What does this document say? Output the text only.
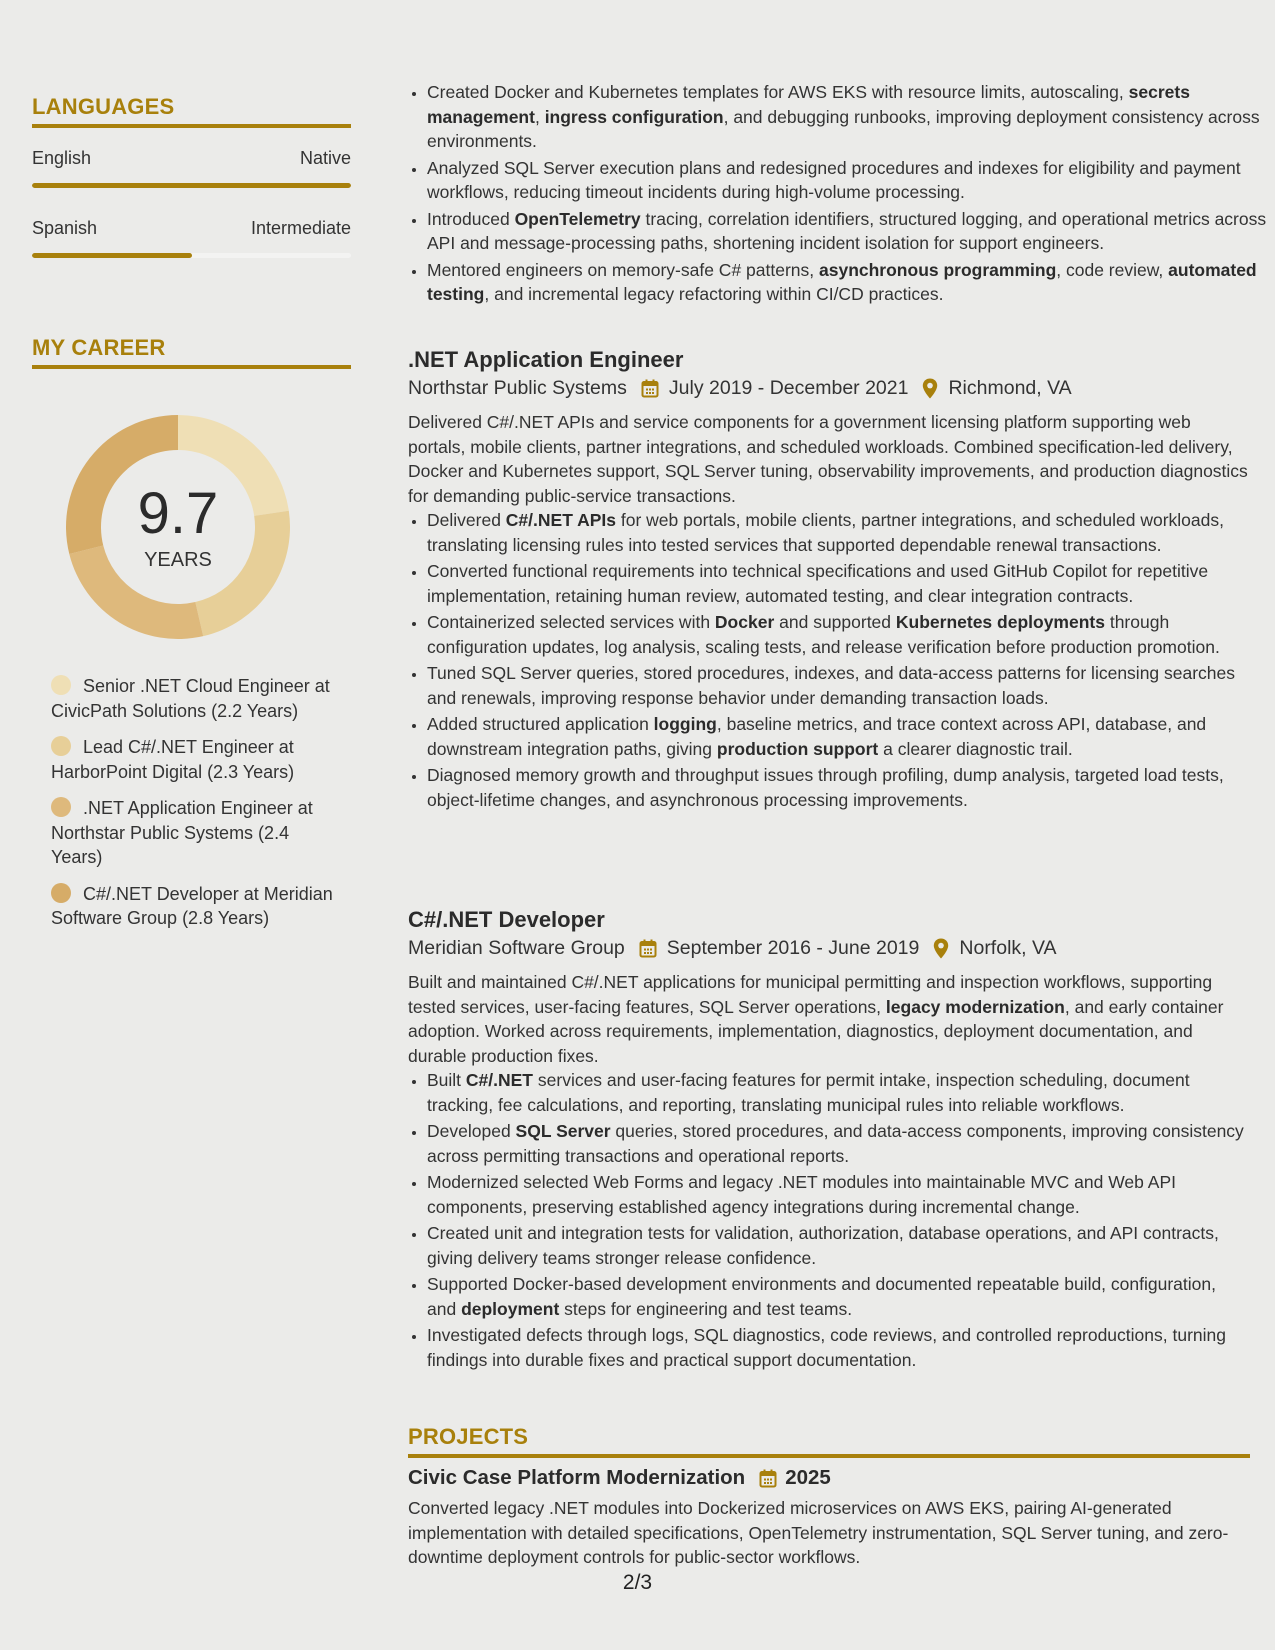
LANGUAGES
English	Native
Spanish	Intermediate
MY CAREER
9.7
YEARS
Senior .NET Cloud Engineer at CivicPath Solutions (2.2 Years)
Lead C#/.NET Engineer at HarborPoint Digital (2.3 Years)
.NET Application Engineer at Northstar Public Systems (2.4 Years)
C#/.NET Developer at Meridian Software Group (2.8 Years)
• Created Docker and Kubernetes templates for AWS EKS with resource limits, autoscaling, secrets management, ingress configuration, and debugging runbooks, improving deployment consistency across environments.
• Analyzed SQL Server execution plans and redesigned procedures and indexes for eligibility and payment workflows, reducing timeout incidents during high-volume processing.
• Introduced OpenTelemetry tracing, correlation identifiers, structured logging, and operational metrics across API and message-processing paths, shortening incident isolation for support engineers.
• Mentored engineers on memory-safe C# patterns, asynchronous programming, code review, automated testing, and incremental legacy refactoring within CI/CD practices.
.NET Application Engineer
Northstar Public Systems July 2019 - December 2021 Richmond, VA

Delivered C#/.NET APIs and service components for a government licensing platform supporting web portals, mobile clients, partner integrations, and scheduled workloads. Combined specification-led delivery, Docker and Kubernetes support, SQL Server tuning, observability improvements, and production diagnostics for demanding public-service transactions.

• Delivered C#/.NET APIs for web portals, mobile clients, partner integrations, and scheduled workloads, translating licensing rules into tested services that supported dependable renewal transactions.
• Converted functional requirements into technical specifications and used GitHub Copilot for repetitive implementation, retaining human review, automated testing, and clear integration contracts.
• Containerized selected services with Docker and supported Kubernetes deployments through configuration updates, log analysis, scaling tests, and release verification before production promotion.
• Tuned SQL Server queries, stored procedures, indexes, and data-access patterns for licensing searches and renewals, improving response behavior under demanding transaction loads.
• Added structured application logging, baseline metrics, and trace context across API, database, and downstream integration paths, giving production support a clearer diagnostic trail.
• Diagnosed memory growth and throughput issues through profiling, dump analysis, targeted load tests, object-lifetime changes, and asynchronous processing improvements.
C#/.NET Developer
Meridian Software Group September 2016 - June 2019 Norfolk, VA

Built and maintained C#/.NET applications for municipal permitting and inspection workflows, supporting tested services, user-facing features, SQL Server operations, legacy modernization, and early container adoption. Worked across requirements, implementation, diagnostics, deployment documentation, and durable production fixes.

• Built C#/.NET services and user-facing features for permit intake, inspection scheduling, document tracking, fee calculations, and reporting, translating municipal rules into reliable workflows.
• Developed SQL Server queries, stored procedures, and data-access components, improving consistency across permitting transactions and operational reports.
• Modernized selected Web Forms and legacy .NET modules into maintainable MVC and Web API components, preserving established agency integrations during incremental change.
• Created unit and integration tests for validation, authorization, database operations, and API contracts, giving delivery teams stronger release confidence.
• Supported Docker-based development environments and documented repeatable build, configuration, and deployment steps for engineering and test teams.
• Investigated defects through logs, SQL diagnostics, code reviews, and controlled reproductions, turning findings into durable fixes and practical support documentation.
PROJECTS
Civic Case Platform Modernization 2025

Converted legacy .NET modules into Dockerized microservices on AWS EKS, pairing AI-generated implementation with detailed specifications, OpenTelemetry instrumentation, SQL Server tuning, and zero-downtime deployment controls for public-sector workflows.

2/3
